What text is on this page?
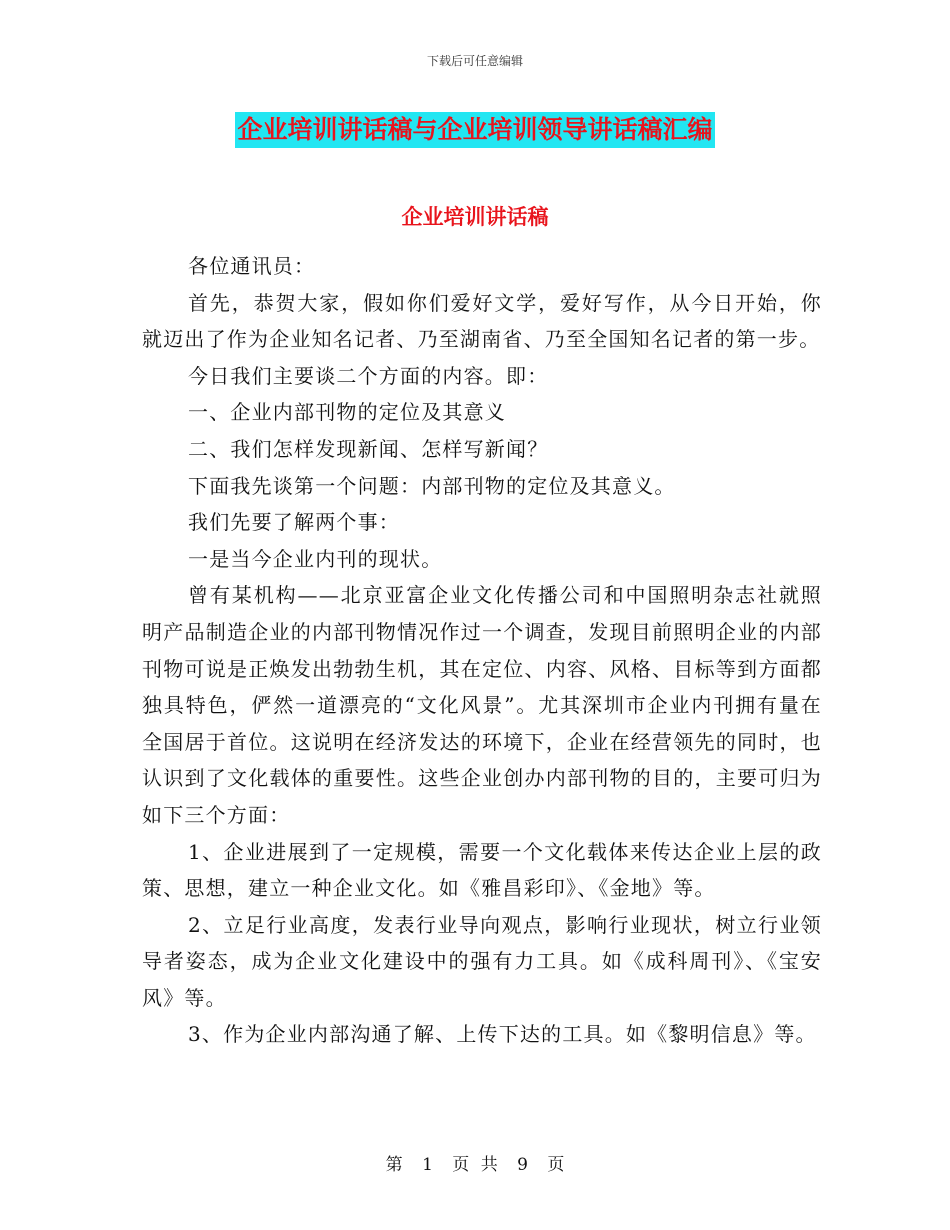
下载后可任意编辑
企业培训讲话稿与企业培训领导讲话稿汇编
企业培训讲话稿

各位通讯员：

首先，恭贺大家，假如你们爱好文学，爱好写作，从今日开始，你就迈出了作为企业知名记者、乃至湖南省、乃至全国知名记者的第一步。

今日我们主要谈二个方面的内容。即：

一、企业内部刊物的定位及其意义

二、我们怎样发现新闻、怎样写新闻？

下面我先谈第一个问题：内部刊物的定位及其意义。

我们先要了解两个事：

一是当今企业内刊的现状。

曾有某机构——北京亚富企业文化传播公司和中国照明杂志社就照明产品制造企业的内部刊物情况作过一个调查，发现目前照明企业的内部刊物可说是正焕发出勃勃生机，其在定位、内容、风格、目标等到方面都独具特色，俨然一道漂亮的“文化风景”。尤其深圳市企业内刊拥有量在全国居于首位。这说明在经济发达的环境下，企业在经营领先的同时，也认识到了文化载体的重要性。这些企业创办内部刊物的目的，主要可归为如下三个方面：

1、企业进展到了一定规模，需要一个文化载体来传达企业上层的政策、思想，建立一种企业文化。如《雅昌彩印》、《金地》等。

2、立足行业高度，发表行业导向观点，影响行业现状，树立行业领导者姿态，成为企业文化建设中的强有力工具。如《成科周刊》、《宝安风》等。

3、作为企业内部沟通了解、上传下达的工具。如《黎明信息》等。

第 1 页 共 9 页
